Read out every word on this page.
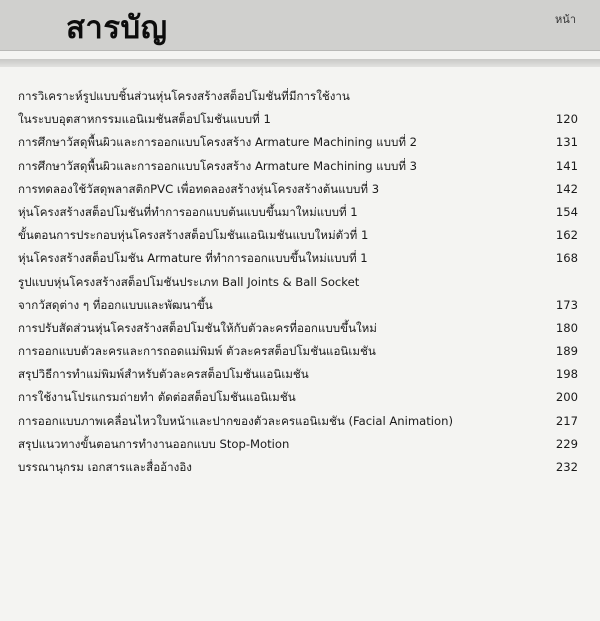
สารบัญ	หน้า
การวิเคราะห์รูปแบบชิ้นส่วนหุ่นโครงสร้างสต็อปโมชันที่มีการใช้งาน
ในระบบอุตสาหกรรมแอนิเมชันสต็อปโมชันแบบที่ 1	120
การศึกษาวัสดุพื้นผิวและการออกแบบโครงสร้าง Armature Machining แบบที่ 2	131
การศึกษาวัสดุพื้นผิวและการออกแบบโครงสร้าง Armature Machining แบบที่ 3	141
การทดลองใช้วัสดุพลาสติกPVC เพื่อทดลองสร้างหุ่นโครงสร้างต้นแบบที่ 3	142
หุ่นโครงสร้างสต็อปโมชันที่ทำการออกแบบต้นแบบขึ้นมาใหม่แบบที่ 1	154
ขั้นตอนการประกอบหุ่นโครงสร้างสต็อปโมชันแอนิเมชันแบบใหม่ตัวที่ 1	162
หุ่นโครงสร้างสต็อปโมชัน Armature ที่ทำการออกแบบขึ้นใหม่แบบที่ 1	168
รูปแบบหุ่นโครงสร้างสต็อปโมชันประเภท Ball Joints & Ball Socket
จากวัสดุต่าง ๆ ที่ออกแบบและพัฒนาขึ้น	173
การปรับสัดส่วนหุ่นโครงสร้างสต็อปโมชันให้กับตัวละครที่ออกแบบขึ้นใหม่	180
การออกแบบตัวละครและการถอดแม่พิมพ์ ตัวละครสต็อปโมชันแอนิเมชัน	189
สรุปวิธีการทำแม่พิมพ์สำหรับตัวละครสต็อปโมชันแอนิเมชัน	198
การใช้งานโปรแกรมถ่ายทำ ตัดต่อสต็อปโมชันแอนิเมชัน	200
การออกแบบภาพเคลื่อนไหวใบหน้าและปากของตัวละครแอนิเมชัน (Facial Animation)	217
สรุปแนวทางขั้นตอนการทำงานออกแบบ Stop-Motion	229
บรรณานุกรม เอกสารและสื่ออ้างอิง	232
